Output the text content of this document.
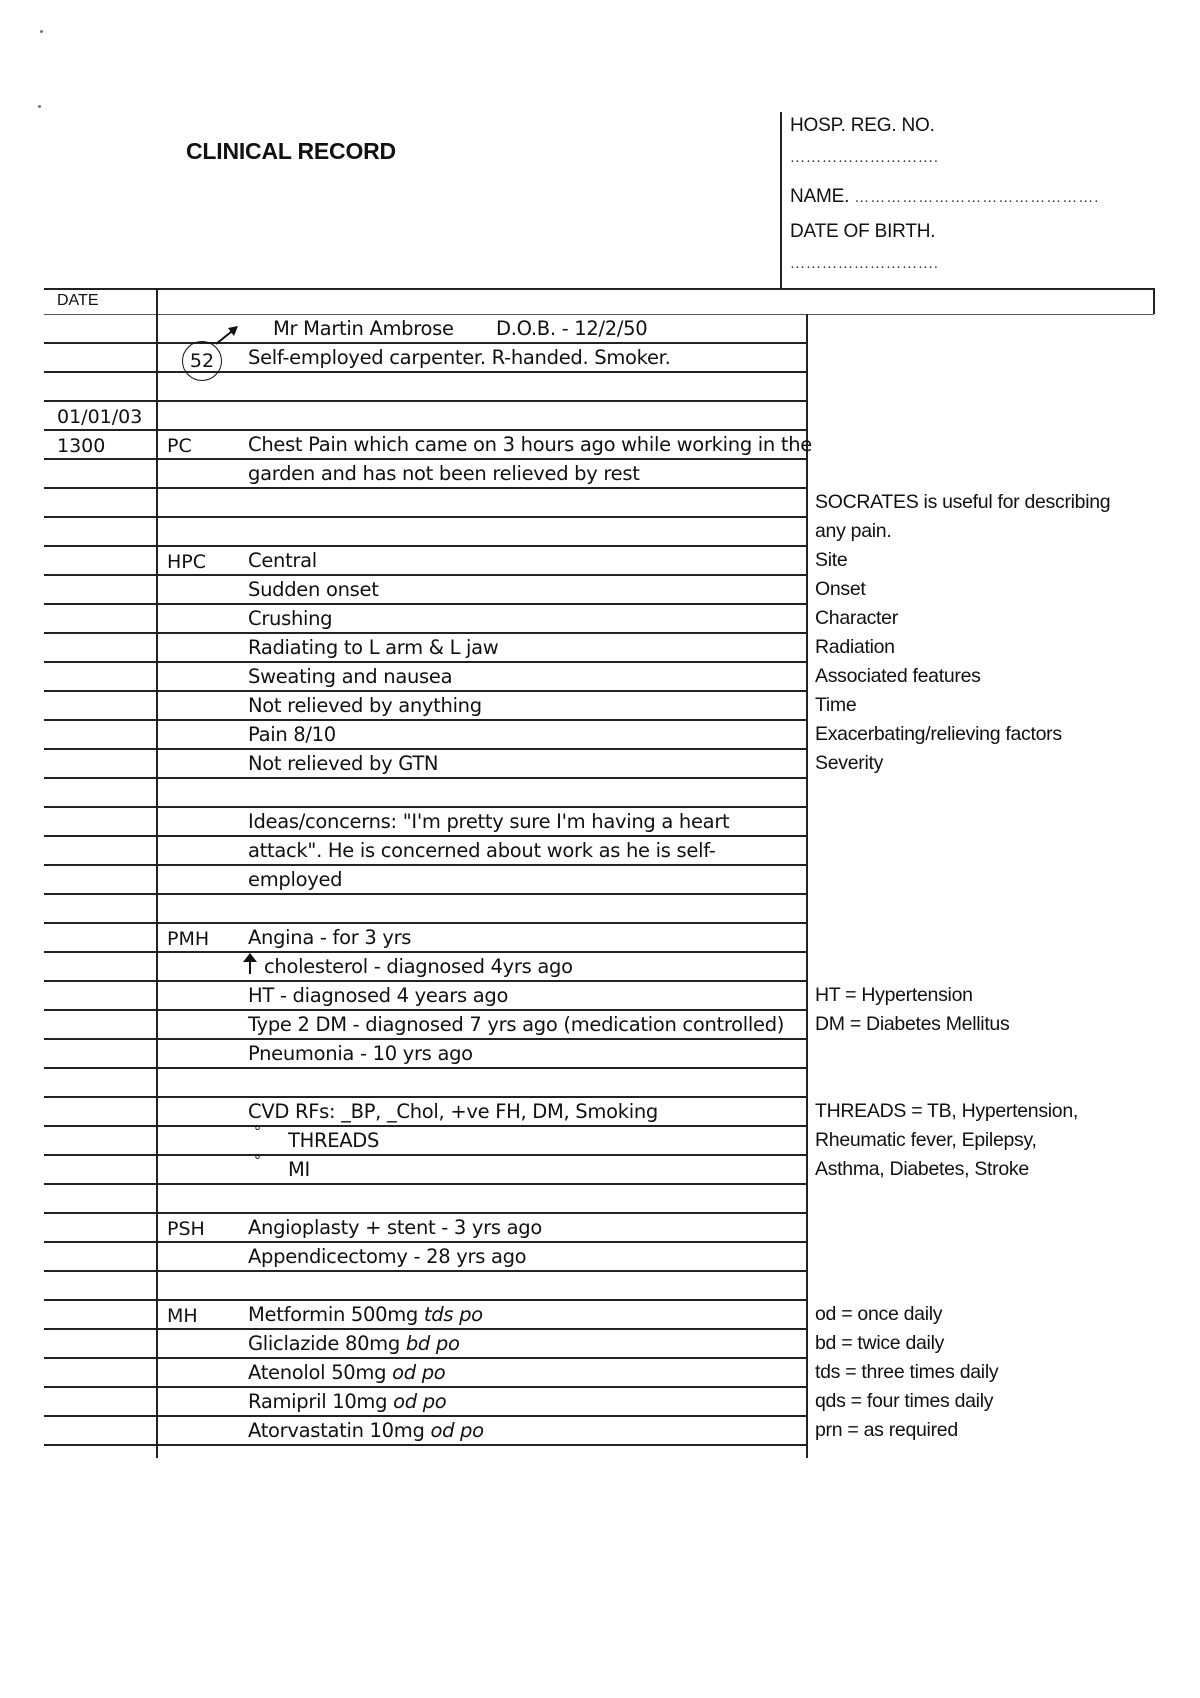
CLINICAL RECORD
HOSP. REG. NO.
……………………….
NAME. ……………………………………….
DATE OF BIRTH.
……………………….
DATE
Mr Martin Ambrose D.O.B. - 12/2/50
52	Self-employed carpenter. R-handed. Smoker.
01/01/03
1300	PC	Chest Pain which came on 3 hours ago while working in the
garden and has not been relieved by rest
HPC Central
Sudden onset
Crushing
Radiating to L arm & L jaw
Sweating and nausea
Not relieved by anything
Pain 8/10
Not relieved by GTN
Ideas/concerns: "I'm pretty sure I'm having a heart
attack". He is concerned about work as he is self-
employed
PMH Angina - for 3 yrs
cholesterol - diagnosed 4yrs ago
HT - diagnosed 4 years ago
Type 2 DM - diagnosed 7 yrs ago (medication controlled)
Pneumonia - 10 yrs ago
CVD RFs: _BP, _Chol, +ve FH, DM, Smoking
° THREADS
° MI
PSH Angioplasty + stent - 3 yrs ago
Appendicectomy - 28 yrs ago
MH	Metformin 500mg tds po
Gliclazide 80mg bd po
Atenolol 50mg od po
Ramipril 10mg od po
Atorvastatin 10mg od po
SOCRATES is useful for describing
any pain.
Site
Onset
Character
Radiation
Associated features
Time
Exacerbating/relieving factors
Severity
HT = Hypertension
DM = Diabetes Mellitus
THREADS = TB, Hypertension,
Rheumatic fever, Epilepsy,
Asthma, Diabetes, Stroke
od = once daily
bd = twice daily
tds = three times daily
qds = four times daily
prn = as required
